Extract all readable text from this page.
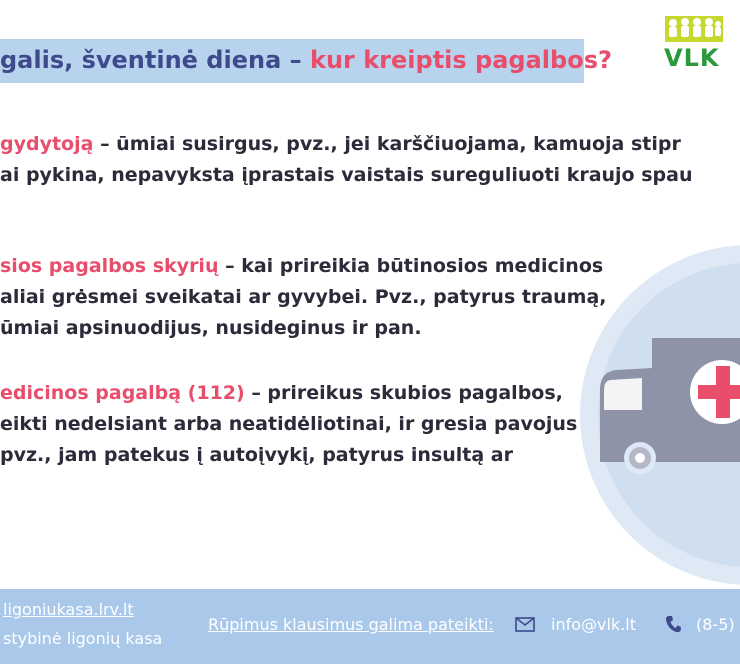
galis, šventinė diena – kur kreiptis pagalbos? VLK
gydytoją – ūmiai susirgus, pvz., jei karščiuojama, kamuoja stipr
ai pykina, nepavyksta įprastais vaistais sureguliuoti kraujo spau
sios pagalbos skyrių – kai prireikia būtinosios medicinos
aliai grėsmei sveikatai ar gyvybei. Pvz., patyrus traumą,
ūmiai apsinuodijus, nusideginus ir pan.
edicinos pagalbą (112) – prireikus skubios pagalbos,
eikti nedelsiant arba neatidėliotinai, ir gresia pavojus
pvz., jam patekus į autoįvykį, patyrus insultą ar
ligoniukasa.lrv.lt
stybinė ligonių kasa
Rūpimus klausimus galima pateikti:	info@vlk.lt	(8-5)
